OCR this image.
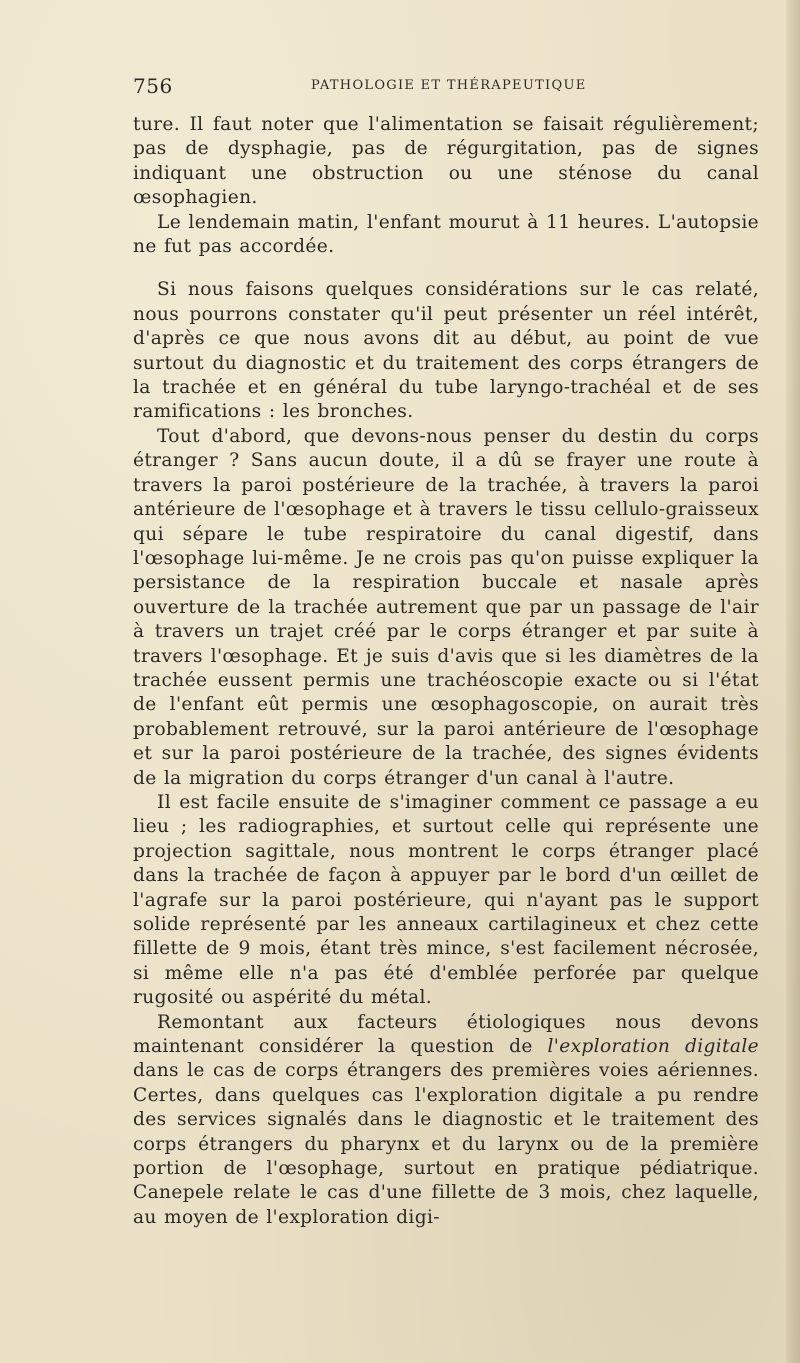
756	PATHOLOGIE ET THÉRAPEUTIQUE

ture. Il faut noter que l'alimentation se faisait régulièrement; pas de dysphagie, pas de régurgitation, pas de signes indiquant une obstruction ou une sténose du canal œsophagien.

Le lendemain matin, l'enfant mourut à 11 heures. L'autopsie ne fut pas accordée.

Si nous faisons quelques considérations sur le cas relaté, nous pourrons constater qu'il peut présenter un réel intérêt, d'après ce que nous avons dit au début, au point de vue surtout du diagnostic et du traitement des corps étrangers de la trachée et en général du tube laryngo-trachéal et de ses ramifications : les bronches.

Tout d'abord, que devons-nous penser du destin du corps étranger ? Sans aucun doute, il a dû se frayer une route à travers la paroi postérieure de la trachée, à travers la paroi antérieure de l'œsophage et à travers le tissu cellulo-graisseux qui sépare le tube respiratoire du canal digestif, dans l'œsophage lui-même. Je ne crois pas qu'on puisse expliquer la persistance de la respiration buccale et nasale après ouverture de la trachée autrement que par un passage de l'air à travers un trajet créé par le corps étranger et par suite à travers l'œsophage. Et je suis d'avis que si les diamètres de la trachée eussent permis une trachéoscopie exacte ou si l'état de l'enfant eût permis une œsophagoscopie, on aurait très probablement retrouvé, sur la paroi antérieure de l'œsophage et sur la paroi postérieure de la trachée, des signes évidents de la migration du corps étranger d'un canal à l'autre.

Il est facile ensuite de s'imaginer comment ce passage a eu lieu ; les radiographies, et surtout celle qui représente une projection sagittale, nous montrent le corps étranger placé dans la trachée de façon à appuyer par le bord d'un œillet de l'agrafe sur la paroi postérieure, qui n'ayant pas le support solide représenté par les anneaux cartilagineux et chez cette fillette de 9 mois, étant très mince, s'est facilement nécrosée, si même elle n'a pas été d'emblée perforée par quelque rugosité ou aspérité du métal.

Remontant aux facteurs étiologiques nous devons maintenant considérer la question de l'exploration digitale dans le cas de corps étrangers des premières voies aériennes. Certes, dans quelques cas l'exploration digitale a pu rendre des services signalés dans le diagnostic et le traitement des corps étrangers du pharynx et du larynx ou de la première portion de l'œsophage, surtout en pratique pédiatrique. Canepele relate le cas d'une fillette de 3 mois, chez laquelle, au moyen de l'exploration digi-
